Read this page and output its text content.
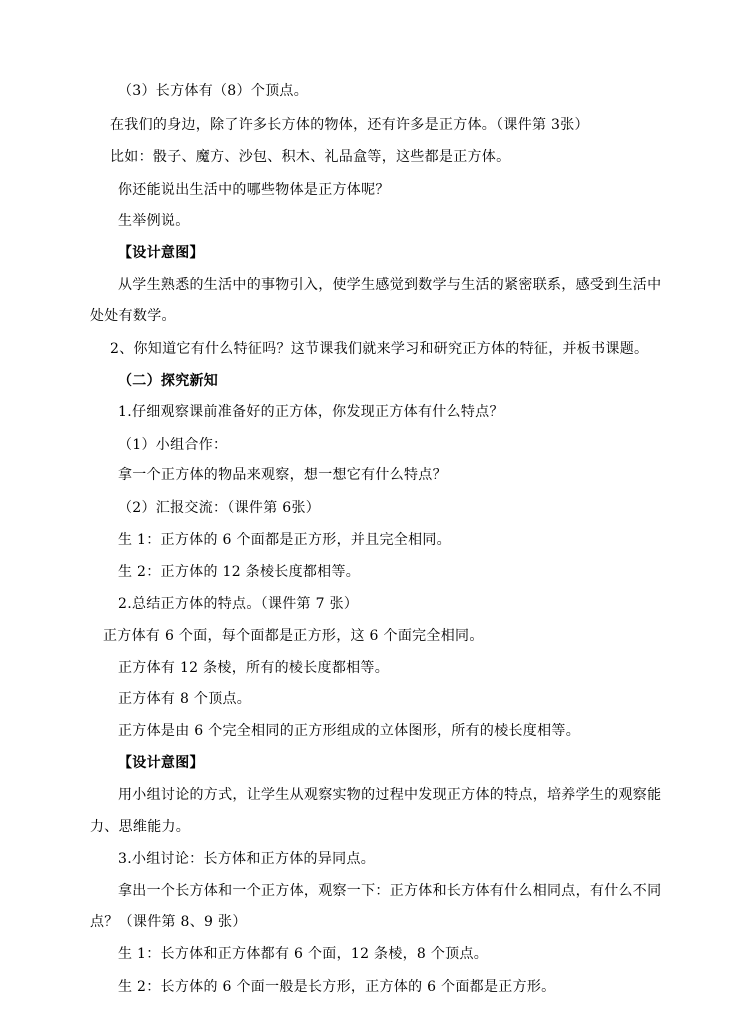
（3）长方体有（8）个顶点。
在我们的身边，除了许多长方体的物体，还有许多是正方体。（课件第 3张）
比如：骰子、魔方、沙包、积木、礼品盒等，这些都是正方体。
你还能说出生活中的哪些物体是正方体呢？
生举例说。
【设计意图】
从学生熟悉的生活中的事物引入，使学生感觉到数学与生活的紧密联系，感受到生活中
处处有数学。
2、你知道它有什么特征吗？这节课我们就来学习和研究正方体的特征，并板书课题。
（二）探究新知
1.仔细观察课前准备好的正方体，你发现正方体有什么特点？
（1）小组合作：
拿一个正方体的物品来观察，想一想它有什么特点？
（2）汇报交流：（课件第 6张）
生 1：正方体的 6 个面都是正方形，并且完全相同。
生 2：正方体的 12 条棱长度都相等。
2.总结正方体的特点。（课件第 7 张）
正方体有 6 个面，每个面都是正方形，这 6 个面完全相同。
正方体有 12 条棱，所有的棱长度都相等。
正方体有 8 个顶点。
正方体是由 6 个完全相同的正方形组成的立体图形，所有的棱长度相等。
【设计意图】
用小组讨论的方式，让学生从观察实物的过程中发现正方体的特点，培养学生的观察能
力、思维能力。
3.小组讨论：长方体和正方体的异同点。
拿出一个长方体和一个正方体，观察一下：正方体和长方体有什么相同点，有什么不同
点？（课件第 8、9 张）
生 1：长方体和正方体都有 6 个面，12 条棱，8 个顶点。
生 2：长方体的 6 个面一般是长方形，正方体的 6 个面都是正方形。
